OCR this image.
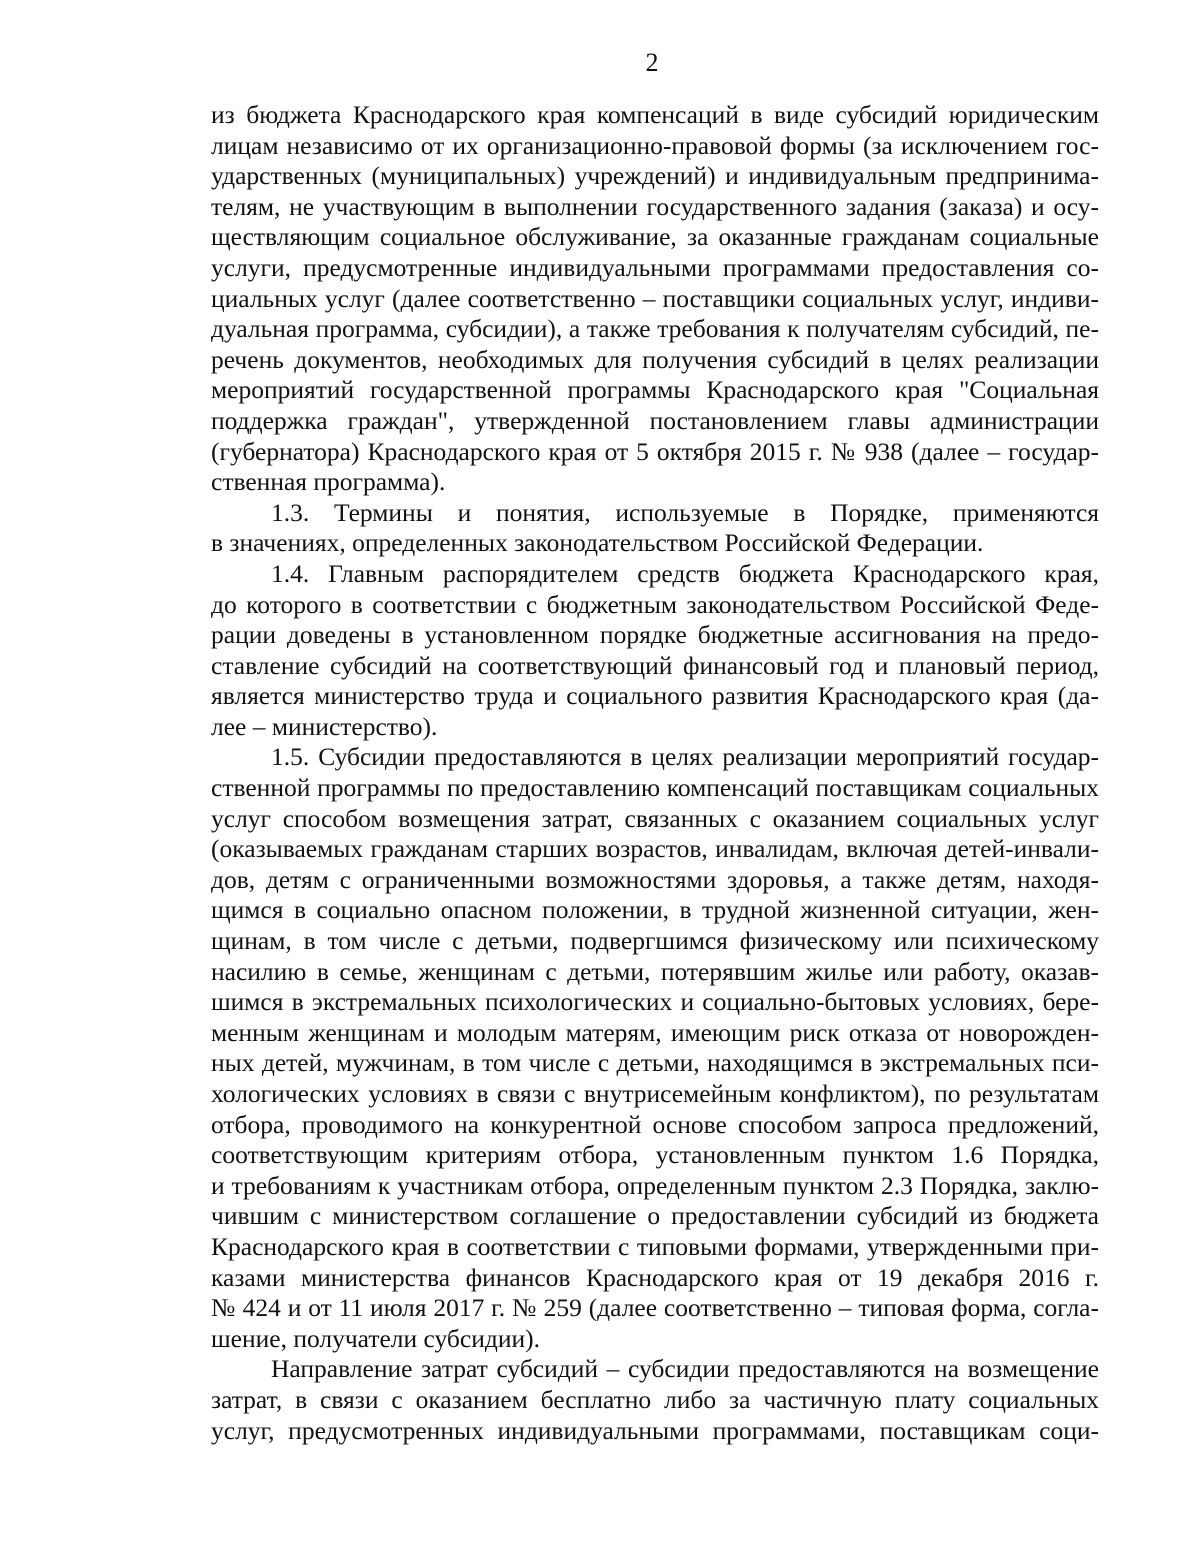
2
из бюджета Краснодарского края компенсаций в виде субсидий юридическим
лицам независимо от их организационно-правовой формы (за исключением гос-
ударственных (муниципальных) учреждений) и индивидуальным предпринима-
телям, не участвующим в выполнении государственного задания (заказа) и осу-
ществляющим социальное обслуживание, за оказанные гражданам социальные
услуги, предусмотренные индивидуальными программами предоставления со-
циальных услуг (далее соответственно – поставщики социальных услуг, индиви-
дуальная программа, субсидии), а также требования к получателям субсидий, пе-
речень документов, необходимых для получения субсидий в целях реализации
мероприятий государственной программы Краснодарского края "Социальная
поддержка граждан", утвержденной постановлением главы администрации
(губернатора) Краснодарского края от 5 октября 2015 г. № 938 (далее – государ-
ственная программа).
1.3. Термины и понятия, используемые в Порядке, применяются
в значениях, определенных законодательством Российской Федерации.
1.4. Главным распорядителем средств бюджета Краснодарского края,
до которого в соответствии с бюджетным законодательством Российской Феде-
рации доведены в установленном порядке бюджетные ассигнования на предо-
ставление субсидий на соответствующий финансовый год и плановый период,
является министерство труда и социального развития Краснодарского края (да-
лее – министерство).
1.5. Субсидии предоставляются в целях реализации мероприятий государ-
ственной программы по предоставлению компенсаций поставщикам социальных
услуг способом возмещения затрат, связанных с оказанием социальных услуг
(оказываемых гражданам старших возрастов, инвалидам, включая детей-инвали-
дов, детям с ограниченными возможностями здоровья, а также детям, находя-
щимся в социально опасном положении, в трудной жизненной ситуации, жен-
щинам, в том числе с детьми, подвергшимся физическому или психическому
насилию в семье, женщинам с детьми, потерявшим жилье или работу, оказав-
шимся в экстремальных психологических и социально-бытовых условиях, бере-
менным женщинам и молодым матерям, имеющим риск отказа от новорожден-
ных детей, мужчинам, в том числе с детьми, находящимся в экстремальных пси-
хологических условиях в связи с внутрисемейным конфликтом), по результатам
отбора, проводимого на конкурентной основе способом запроса предложений,
соответствующим критериям отбора, установленным пунктом 1.6 Порядка,
и требованиям к участникам отбора, определенным пунктом 2.3 Порядка, заклю-
чившим с министерством соглашение о предоставлении субсидий из бюджета
Краснодарского края в соответствии с типовыми формами, утвержденными при-
казами министерства финансов Краснодарского края от 19 декабря 2016 г.
№ 424 и от 11 июля 2017 г. № 259 (далее соответственно – типовая форма, согла-
шение, получатели субсидии).
Направление затрат субсидий – субсидии предоставляются на возмещение
затрат, в связи с оказанием бесплатно либо за частичную плату социальных
услуг, предусмотренных индивидуальными программами, поставщикам соци-
